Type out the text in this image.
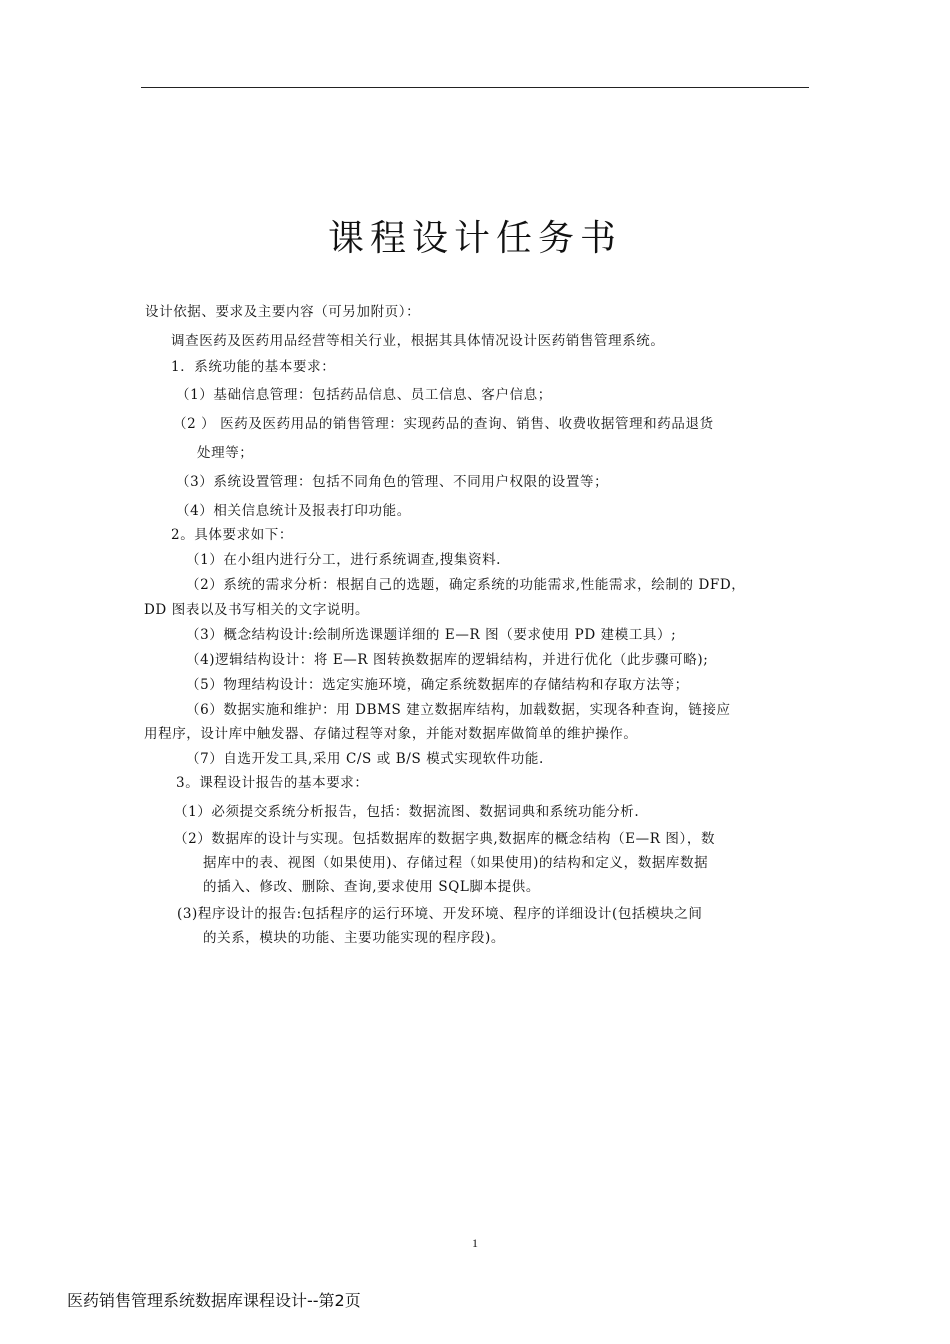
课程设计任务书
设计依据、要求及主要内容（可另加附页）：
调查医药及医药用品经营等相关行业，根据其具体情况设计医药销售管理系统。
1．系统功能的基本要求：
（1）基础信息管理：包括药品信息、员工信息、客户信息；
（2 ） 医药及医药用品的销售管理：实现药品的查询、销售、收费收据管理和药品退货
处理等；
（3）系统设置管理：包括不同角色的管理、不同用户权限的设置等；
（4）相关信息统计及报表打印功能。
2。具体要求如下：
（1）在小组内进行分工，进行系统调查,搜集资料.
（2）系统的需求分析：根据自己的选题，确定系统的功能需求,性能需求，绘制的 DFD，
DD 图表以及书写相关的文字说明。
（3）概念结构设计:绘制所选课题详细的 E—R 图（要求使用 PD 建模工具）;
（4)逻辑结构设计：将 E—R 图转换数据库的逻辑结构，并进行优化（此步骤可略);
（5）物理结构设计：选定实施环境，确定系统数据库的存储结构和存取方法等；
（6）数据实施和维护：用 DBMS 建立数据库结构，加载数据，实现各种查询，链接应
用程序，设计库中触发器、存储过程等对象，并能对数据库做简单的维护操作。
（7）自选开发工具,采用 C/S 或 B/S 模式实现软件功能.
3。课程设计报告的基本要求：
（1）必须提交系统分析报告，包括：数据流图、数据词典和系统功能分析.
（2）数据库的设计与实现。包括数据库的数据字典,数据库的概念结构（E—R 图），数
据库中的表、视图（如果使用)、存储过程（如果使用)的结构和定义，数据库数据
的插入、修改、删除、查询,要求使用 SQL脚本提供。
(3)程序设计的报告:包括程序的运行环境、开发环境、程序的详细设计(包括模块之间
的关系，模块的功能、主要功能实现的程序段)。
1
医药销售管理系统数据库课程设计--第2页
